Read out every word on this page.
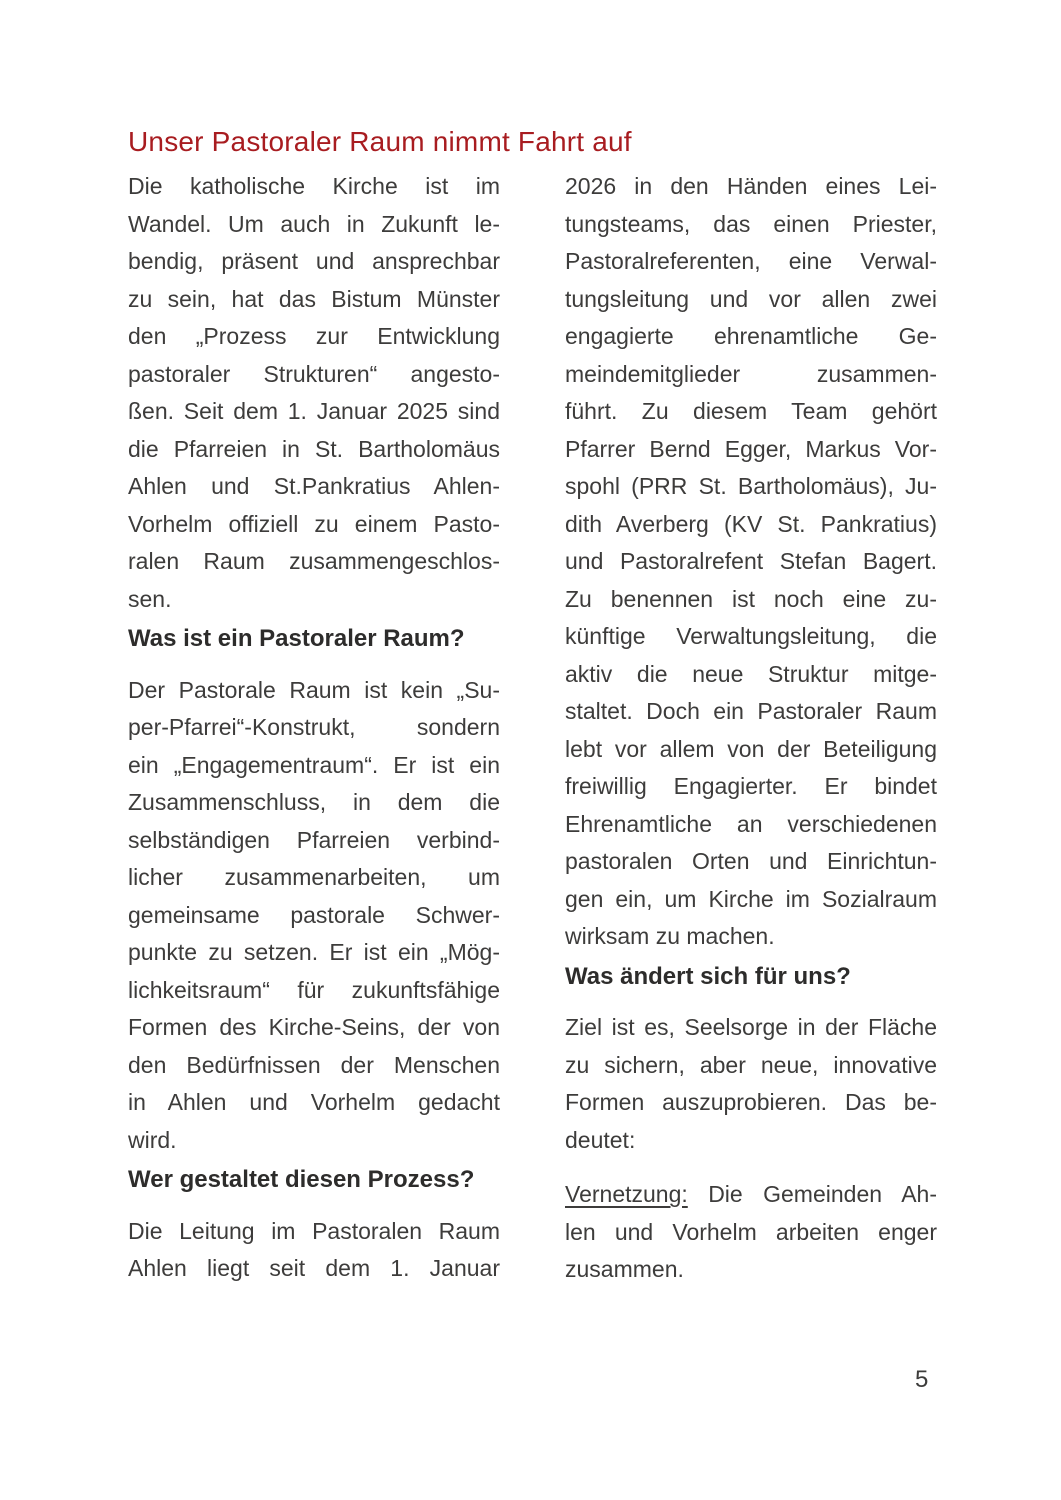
Unser Pastoraler Raum nimmt Fahrt auf
Die katholische Kirche ist im
Wandel. Um auch in Zukunft le-
bendig, präsent und ansprechbar
zu sein, hat das Bistum Münster
den „Prozess zur Entwicklung
pastoraler Strukturen“ angesto-
ßen. Seit dem 1. Januar 2025 sind
die Pfarreien in St. Bartholomäus
Ahlen und St.Pankratius Ahlen-
Vorhelm offiziell zu einem Pasto-
ralen Raum zusammengeschlos-
sen.
Was ist ein Pastoraler Raum?
Der Pastorale Raum ist kein „Su-
per-Pfarrei“-Konstrukt, sondern
ein „Engagementraum“. Er ist ein
Zusammenschluss, in dem die
selbständigen Pfarreien verbind-
licher zusammenarbeiten, um
gemeinsame pastorale Schwer-
punkte zu setzen. Er ist ein „Mög-
lichkeitsraum“ für zukunftsfähige
Formen des Kirche-Seins, der von
den Bedürfnissen der Menschen
in Ahlen und Vorhelm gedacht
wird.
Wer gestaltet diesen Prozess?
Die Leitung im Pastoralen Raum
Ahlen liegt seit dem 1. Januar
2026 in den Händen eines Lei-
tungsteams, das einen Priester,
Pastoralreferenten, eine Verwal-
tungsleitung und vor allen zwei
engagierte ehrenamtliche Ge-
meindemitglieder zusammen-
führt. Zu diesem Team gehört
Pfarrer Bernd Egger, Markus Vor-
spohl (PRR St. Bartholomäus), Ju-
dith Averberg (KV St. Pankratius)
und Pastoralrefent Stefan Bagert.
Zu benennen ist noch eine zu-
künftige Verwaltungsleitung, die
aktiv die neue Struktur mitge-
staltet. Doch ein Pastoraler Raum
lebt vor allem von der Beteiligung
freiwillig Engagierter. Er bindet
Ehrenamtliche an verschiedenen
pastoralen Orten und Einrichtun-
gen ein, um Kirche im Sozialraum
wirksam zu machen.
Was ändert sich für uns?
Ziel ist es, Seelsorge in der Fläche
zu sichern, aber neue, innovative
Formen auszuprobieren. Das be-
deutet:
Vernetzung: Die Gemeinden Ah-
len und Vorhelm arbeiten enger
zusammen.
5
